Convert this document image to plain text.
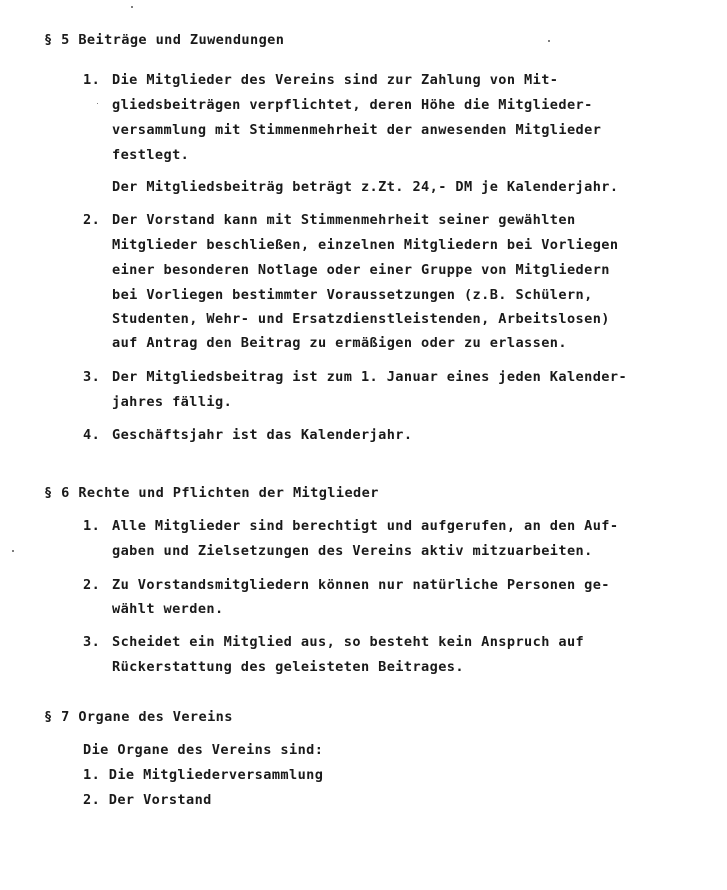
§ 5 Beiträge und Zuwendungen
1. Die Mitglieder des Vereins sind zur Zahlung von Mit-
gliedsbeiträgen verpflichtet, deren Höhe die Mitglieder-
versammlung mit Stimmenmehrheit der anwesenden Mitglieder
festlegt.
Der Mitgliedsbeiträg beträgt z.Zt. 24,- DM je Kalenderjahr.
2. Der Vorstand kann mit Stimmenmehrheit seiner gewählten
Mitglieder beschließen, einzelnen Mitgliedern bei Vorliegen
einer besonderen Notlage oder einer Gruppe von Mitgliedern
bei Vorliegen bestimmter Voraussetzungen (z.B. Schülern,
Studenten, Wehr- und Ersatzdienstleistenden, Arbeitslosen)
auf Antrag den Beitrag zu ermäßigen oder zu erlassen.
3. Der Mitgliedsbeitrag ist zum 1. Januar eines jeden Kalender-
jahres fällig.
4. Geschäftsjahr ist das Kalenderjahr.
§ 6 Rechte und Pflichten der Mitglieder
1. Alle Mitglieder sind berechtigt und aufgerufen, an den Auf-
gaben und Zielsetzungen des Vereins aktiv mitzuarbeiten.
2. Zu Vorstandsmitgliedern können nur natürliche Personen ge-
wählt werden.
3. Scheidet ein Mitglied aus, so besteht kein Anspruch auf
Rückerstattung des geleisteten Beitrages.
§ 7 Organe des Vereins
Die Organe des Vereins sind:
1. Die Mitgliederversammlung
2. Der Vorstand
